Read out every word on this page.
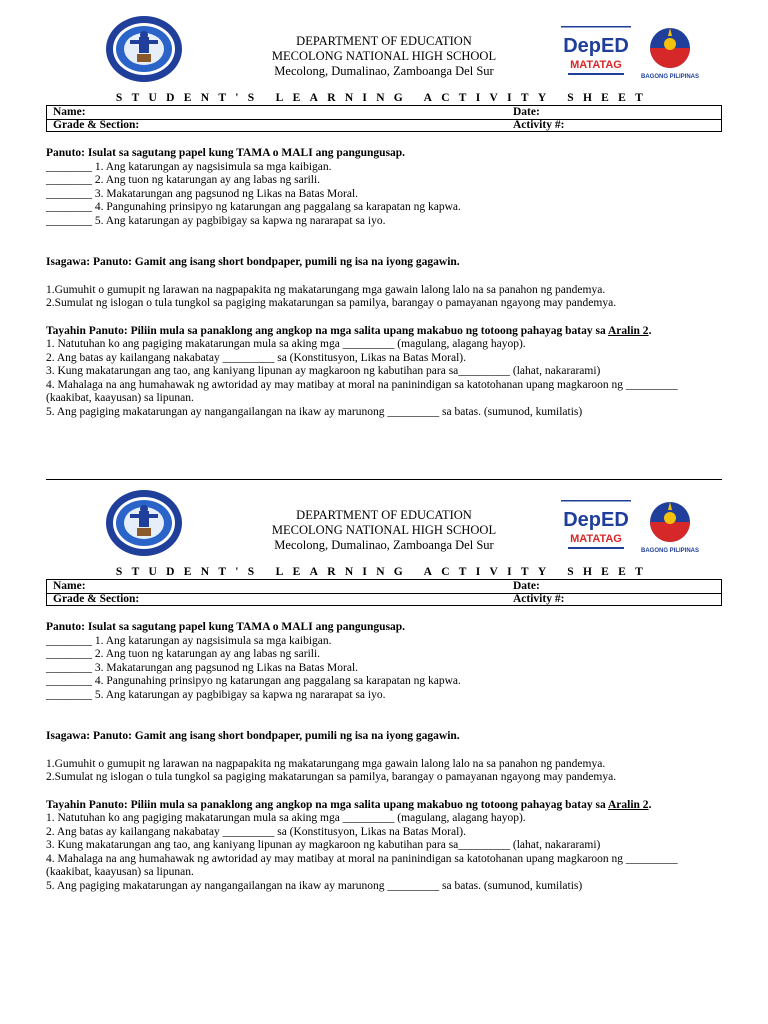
DEPARTMENT OF EDUCATION
MECOLONG NATIONAL HIGH SCHOOL
Mecolong, Dumalinao, Zamboanga Del Sur
DepED
MATATAG
BAGONG PILIPINAS
STUDENT'S LEARNING ACTIVITY SHEET
Name:	Date:
Grade & Section:	Activity #:

Panuto: Isulat sa sagutang papel kung TAMA o MALI ang pangungusap.

________ 1. Ang katarungan ay nagsisimula sa mga kaibigan.

________ 2. Ang tuon ng katarungan ay ang labas ng sarili.

________ 3. Makatarungan ang pagsunod ng Likas na Batas Moral.

________ 4. Pangunahing prinsipyo ng katarungan ang paggalang sa karapatan ng kapwa.

________ 5. Ang katarungan ay pagbibigay sa kapwa ng nararapat sa iyo.

Isagawa: Panuto: Gamit ang isang short bondpaper, pumili ng isa na iyong gagawin.

1.Gumuhit o gumupit ng larawan na nagpapakita ng makatarungang mga gawain lalong lalo na sa panahon ng pandemya.

2.Sumulat ng islogan o tula tungkol sa pagiging makatarungan sa pamilya, barangay o pamayanan ngayong may pandemya.

Tayahin Panuto: Piliin mula sa panaklong ang angkop na mga salita upang makabuo ng totoong pahayag batay sa Aralin 2.

1. Natutuhan ko ang pagiging makatarungan mula sa aking mga _________ (magulang, alagang hayop).

2. Ang batas ay kailangang nakabatay _________ sa (Konstitusyon, Likas na Batas Moral).

3. Kung makatarungan ang tao, ang kaniyang lipunan ay magkaroon ng kabutihan para sa_________ (lahat, nakararami)

4. Mahalaga na ang humahawak ng awtoridad ay may matibay at moral na paninindigan sa katotohanan upang magkaroon ng _________ (kaakibat, kaayusan) sa lipunan.

5. Ang pagiging makatarungan ay nangangailangan na ikaw ay marunong _________ sa batas. (sumunod, kumilatis)

DEPARTMENT OF EDUCATION
MECOLONG NATIONAL HIGH SCHOOL
Mecolong, Dumalinao, Zamboanga Del Sur
DepED
MATATAG
BAGONG PILIPINAS
STUDENT'S LEARNING ACTIVITY SHEET
Name:	Date:
Grade & Section:	Activity #:

Panuto: Isulat sa sagutang papel kung TAMA o MALI ang pangungusap.

________ 1. Ang katarungan ay nagsisimula sa mga kaibigan.

________ 2. Ang tuon ng katarungan ay ang labas ng sarili.

________ 3. Makatarungan ang pagsunod ng Likas na Batas Moral.

________ 4. Pangunahing prinsipyo ng katarungan ang paggalang sa karapatan ng kapwa.

________ 5. Ang katarungan ay pagbibigay sa kapwa ng nararapat sa iyo.

Isagawa: Panuto: Gamit ang isang short bondpaper, pumili ng isa na iyong gagawin.

1.Gumuhit o gumupit ng larawan na nagpapakita ng makatarungang mga gawain lalong lalo na sa panahon ng pandemya.

2.Sumulat ng islogan o tula tungkol sa pagiging makatarungan sa pamilya, barangay o pamayanan ngayong may pandemya.

Tayahin Panuto: Piliin mula sa panaklong ang angkop na mga salita upang makabuo ng totoong pahayag batay sa Aralin 2.

1. Natutuhan ko ang pagiging makatarungan mula sa aking mga _________ (magulang, alagang hayop).

2. Ang batas ay kailangang nakabatay _________ sa (Konstitusyon, Likas na Batas Moral).

3. Kung makatarungan ang tao, ang kaniyang lipunan ay magkaroon ng kabutihan para sa_________ (lahat, nakararami)

4. Mahalaga na ang humahawak ng awtoridad ay may matibay at moral na paninindigan sa katotohanan upang magkaroon ng _________ (kaakibat, kaayusan) sa lipunan.

5. Ang pagiging makatarungan ay nangangailangan na ikaw ay marunong _________ sa batas. (sumunod, kumilatis)
